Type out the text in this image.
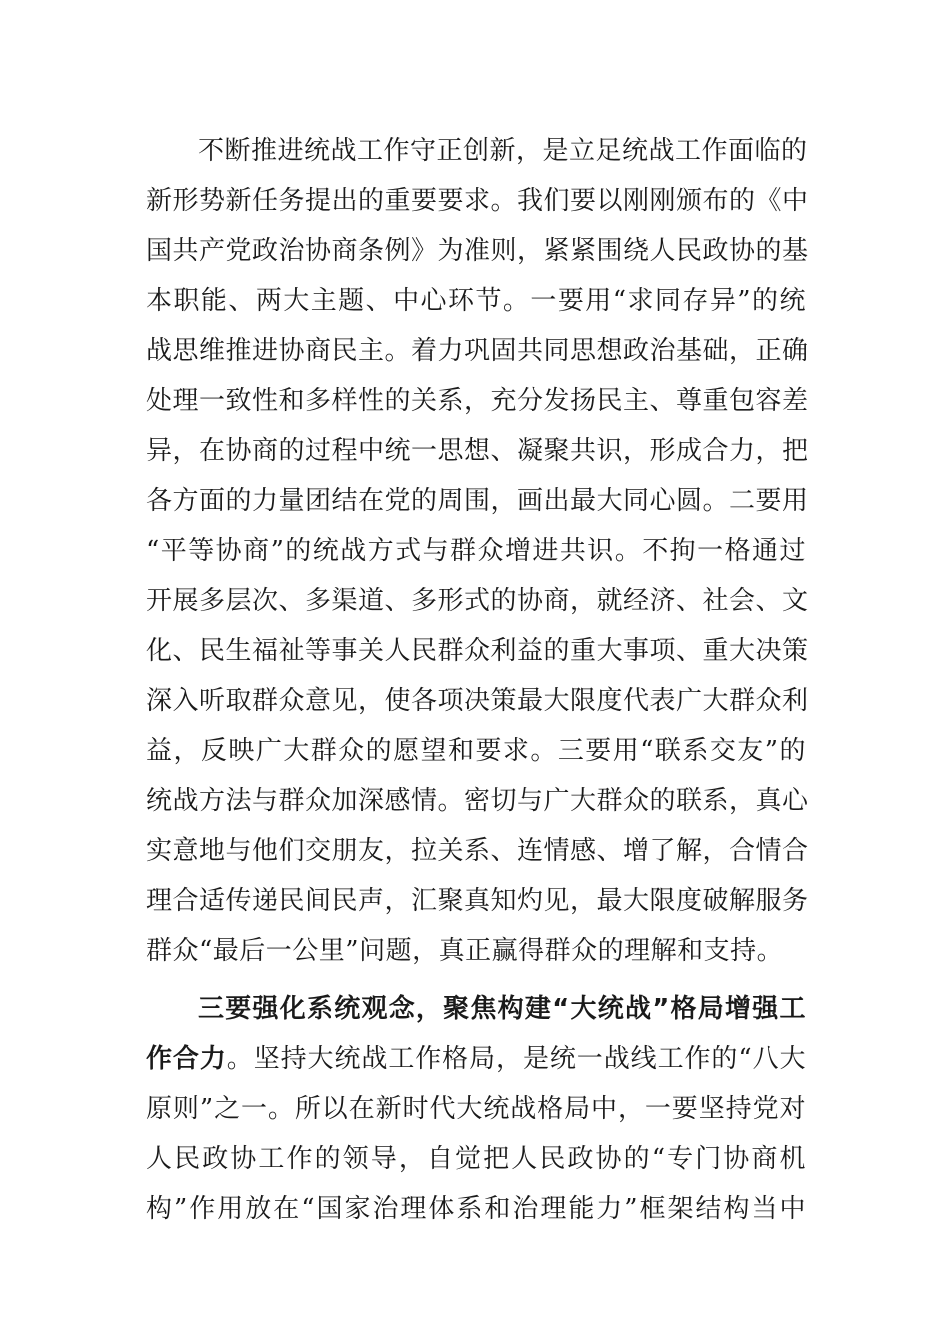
不断推进统战工作守正创新，是立足统战工作面临的
新形势新任务提出的重要要求。我们要以刚刚颁布的《中
国共产党政治协商条例》为准则，紧紧围绕人民政协的基
本职能、两大主题、中心环节。一要用“求同存异”的统
战思维推进协商民主。着力巩固共同思想政治基础，正确
处理一致性和多样性的关系，充分发扬民主、尊重包容差
异，在协商的过程中统一思想、凝聚共识，形成合力，把
各方面的力量团结在党的周围，画出最大同心圆。二要用
“平等协商”的统战方式与群众增进共识。不拘一格通过
开展多层次、多渠道、多形式的协商，就经济、社会、文
化、民生福祉等事关人民群众利益的重大事项、重大决策
深入听取群众意见，使各项决策最大限度代表广大群众利
益，反映广大群众的愿望和要求。三要用“联系交友”的
统战方法与群众加深感情。密切与广大群众的联系，真心
实意地与他们交朋友，拉关系、连情感、增了解，合情合
理合适传递民间民声，汇聚真知灼见，最大限度破解服务
群众“最后一公里”问题，真正赢得群众的理解和支持。
三要强化系统观念，聚焦构建“大统战”格局增强工
作合力。坚持大统战工作格局，是统一战线工作的“八大
原则”之一。所以在新时代大统战格局中，一要坚持党对
人民政协工作的领导，自觉把人民政协的“专门协商机
构”作用放在“国家治理体系和治理能力”框架结构当中
